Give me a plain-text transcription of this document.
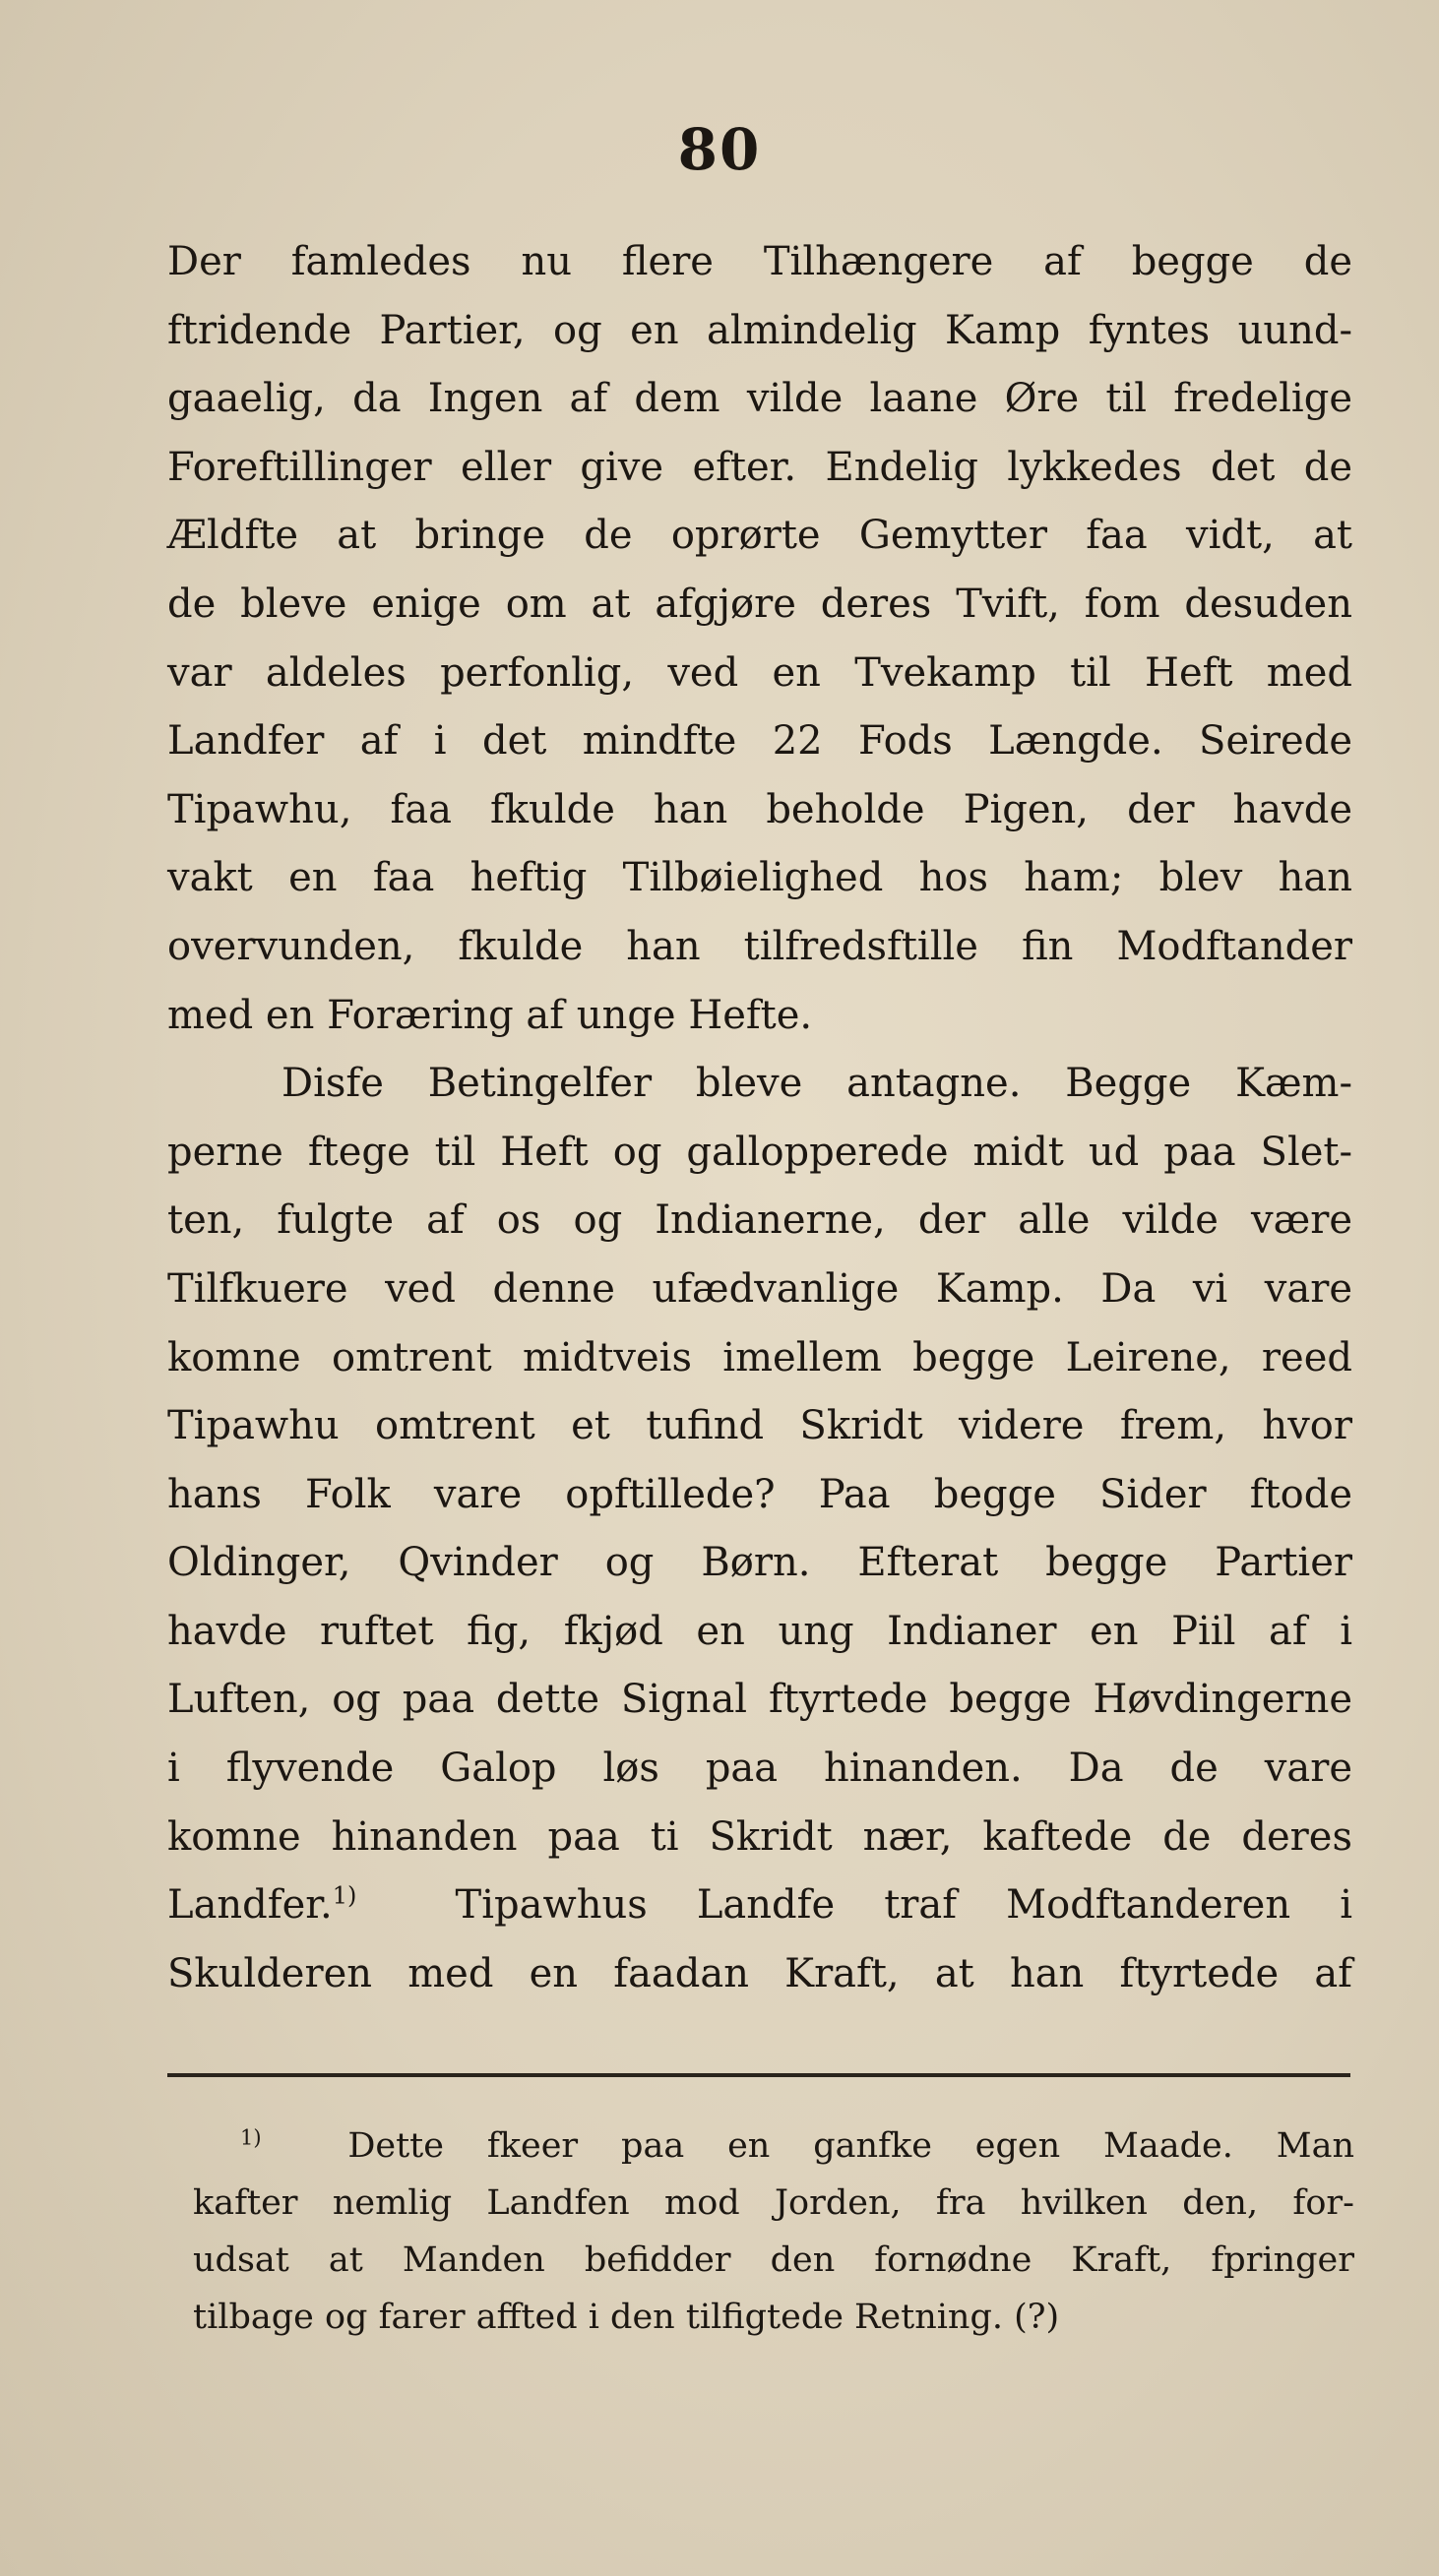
80
Der famledes nu flere Tilhængere af begge de
ftridende Partier, og en almindelig Kamp fyntes uund-
gaaelig, da Ingen af dem vilde laane Øre til fredelige
Foreftillinger eller give efter. Endelig lykkedes det de
Ældfte at bringe de oprørte Gemytter faa vidt, at
de bleve enige om at afgjøre deres Tvift, fom desuden
var aldeles perfonlig, ved en Tvekamp til Heft med
Landfer af i det mindfte 22 Fods Længde. Seirede
Tipawhu, faa fkulde han beholde Pigen, der havde
vakt en faa heftig Tilbøielighed hos ham; blev han
overvunden, fkulde han tilfredsftille fin Modftander
med en Foræring af unge Hefte.
Disfe Betingelfer bleve antagne. Begge Kæm-
perne ftege til Heft og gallopperede midt ud paa Slet-
ten, fulgte af os og Indianerne, der alle vilde være
Tilfkuere ved denne ufædvanlige Kamp. Da vi vare
komne omtrent midtveis imellem begge Leirene, reed
Tipawhu omtrent et tufind Skridt videre frem, hvor
hans Folk vare opftillede? Paa begge Sider ftode
Oldinger, Qvinder og Børn. Efterat begge Partier
havde ruftet fig, fkjød en ung Indianer en Piil af i
Luften, og paa dette Signal ftyrtede begge Høvdingerne
i flyvende Galop løs paa hinanden. Da de vare
komne hinanden paa ti Skridt nær, kaftede de deres
Landfer.$^{1)}$	Tipawhus Landfe traf Modftanderen i
Skulderen med en faadan Kraft, at han ftyrtede af
$^{1)}$	Dette fkeer paa en ganfke egen Maade. Man
kafter nemlig Landfen mod Jorden, fra hvilken den, for-
udsat at Manden befidder den fornødne Kraft, fpringer
tilbage og farer affted i den tilfigtede Retning. (?)
